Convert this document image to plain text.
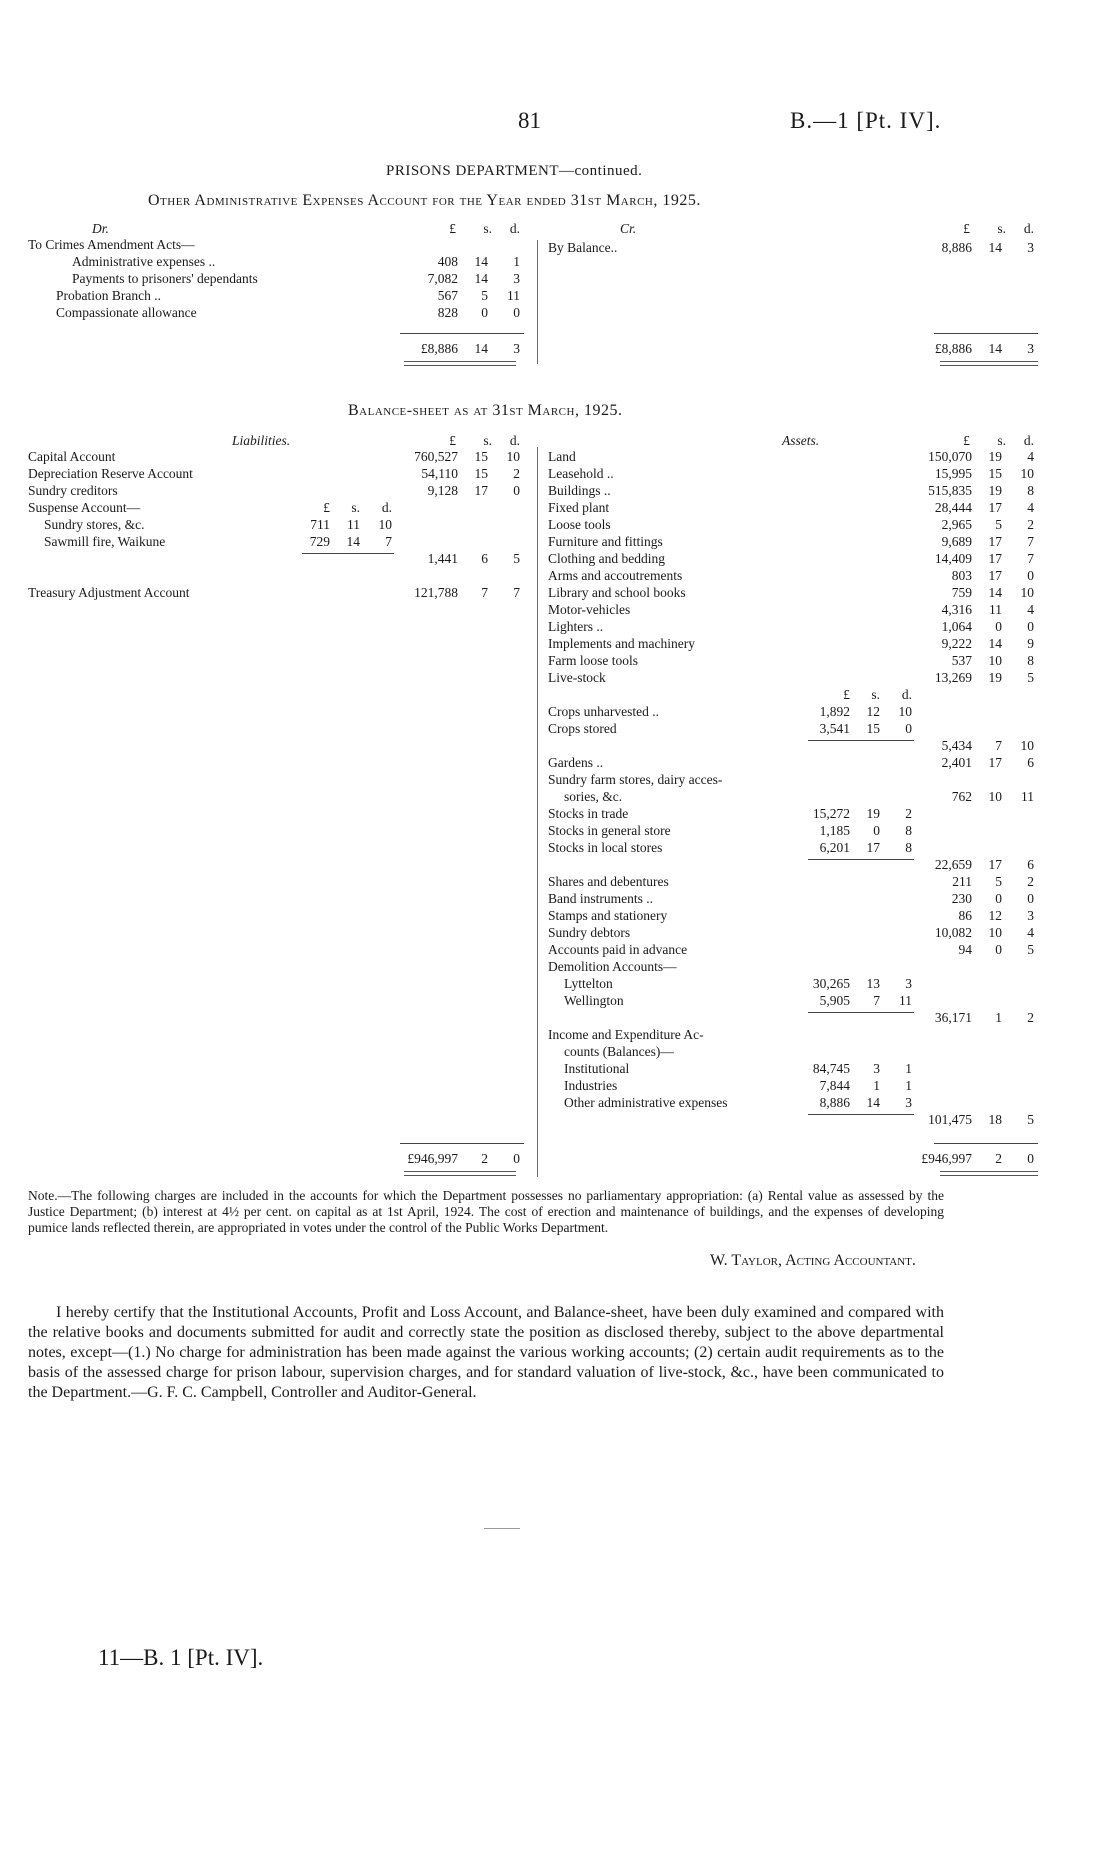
81	B.—1 [Pt. IV].
PRISONS DEPARTMENT—continued.
Other Administrative Expenses Account for the Year ended 31st March, 1925.
Dr.	Cr.
£	s.	d.	£	s.	d.
To Crimes Amendment Acts—
Administrative expenses ..	408	14	1
Payments to prisoners' dependants	7,082	14	3
Probation Branch ..	567	5	11
Compassionate allowance	828	0	0
£8,886	14	3
By Balance..	8,886	14	3
£8,886	14	3
Balance-sheet as at 31st March, 1925.
Liabilities.	Assets.
£	s.	d.	£	s.	d.
Capital Account	760,527	15	10
Depreciation Reserve Account	54,110	15	2
Sundry creditors	9,128	17	0
Suspense Account—	£	s.	d.
Sundry stores, &c.	711	11	10
Sawmill fire, Waikune	729	14	7
1,441	6	5
Treasury Adjustment Account	121,788	7	7
Land	150,070	19	4
Leasehold ..	15,995	15	10
Buildings ..	515,835	19	8
Fixed plant	28,444	17	4
Loose tools	2,965	5	2
Furniture and fittings	9,689	17	7
Clothing and bedding	14,409	17	7
Arms and accoutrements	803	17	0
Library and school books	759	14	10
Motor-vehicles	4,316	11	4
Lighters ..	1,064	0	0
Implements and machinery	9,222	14	9
Farm loose tools	537	10	8
Live-stock	13,269	19	5
£	s.	d.
Crops unharvested ..	1,892	12	10
Crops stored	3,541	15	0
5,434	7	10
Gardens ..	2,401	17	6
Sundry farm stores, dairy acces-
sories, &c.	762	10	11
Stocks in trade	15,272	19	2
Stocks in general store	1,185	0	8
Stocks in local stores	6,201	17	8
22,659	17	6
Shares and debentures	211	5	2
Band instruments ..	230	0	0
Stamps and stationery	86	12	3
Sundry debtors	10,082	10	4
Accounts paid in advance	94	0	5
Demolition Accounts—
Lyttelton	30,265	13	3
Wellington	5,905	7	11
36,171	1	2
Income and Expenditure Ac-
counts (Balances)—
Institutional	84,745	3	1
Industries	7,844	1	1
Other administrative expenses	8,886	14	3
101,475	18	5
£946,997	2	0	£946,997	2	0
Note.—The following charges are included in the accounts for which the Department possesses no parliamentary appropriation: (a) Rental value as assessed by the Justice Department; (b) interest at 4½ per cent. on capital as at 1st April, 1924. The cost of erection and maintenance of buildings, and the expenses of developing pumice lands reflected therein, are appropriated in votes under the control of the Public Works Department.
W. Taylor, Acting Accountant.
I hereby certify that the Institutional Accounts, Profit and Loss Account, and Balance-sheet, have been duly examined and compared with the relative books and documents submitted for audit and correctly state the position as disclosed thereby, subject to the above departmental notes, except—(1.) No charge for administration has been made against the various working accounts; (2) certain audit requirements as to the basis of the assessed charge for prison labour, supervision charges, and for standard valuation of live-stock, &c., have been communicated to the Department.—G. F. C. Campbell, Controller and Auditor-General.
11—B. 1 [Pt. IV].
